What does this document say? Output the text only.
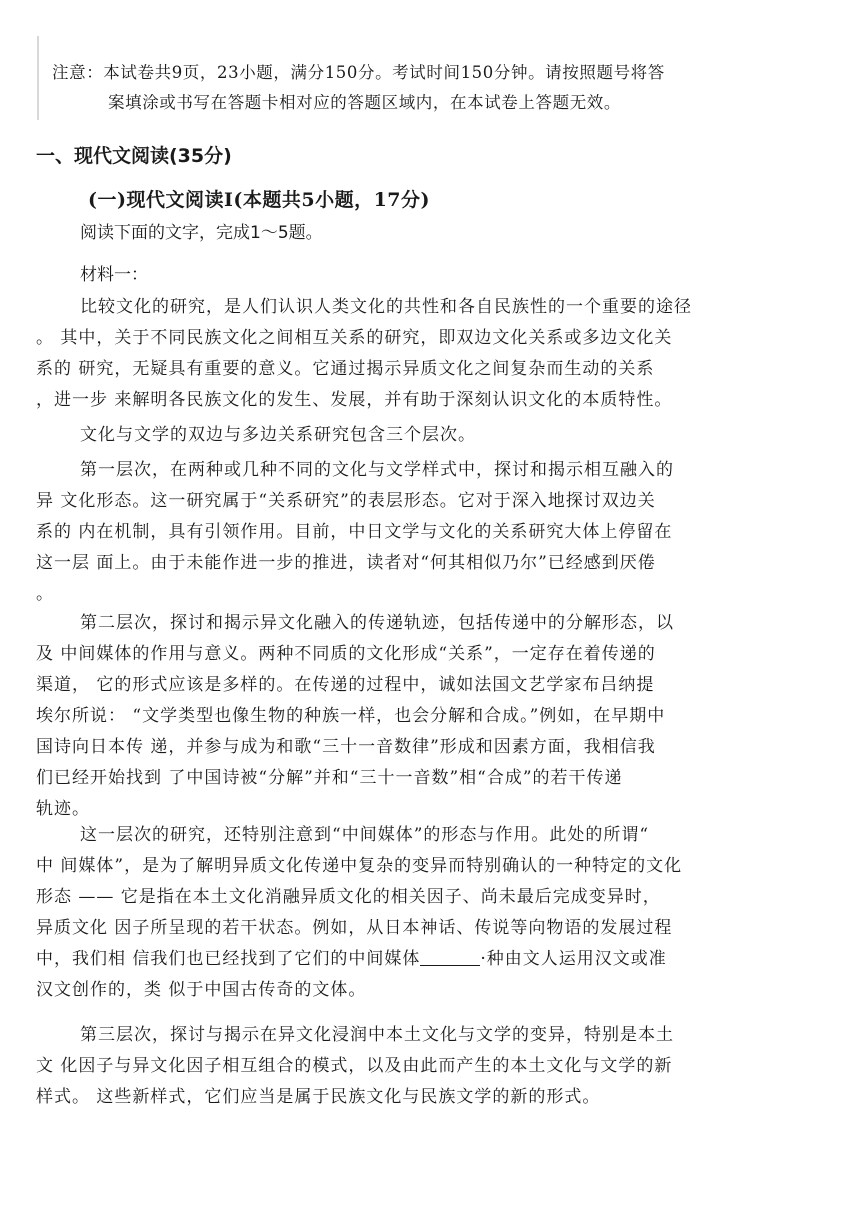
注意：本试卷共9页，23小题，满分150分。考试时间150分钟。请按照题号将答

案填涂或书写在答题卡相对应的答题区域内，在本试卷上答题无效。

一、现代文阅读(35分)
(一)现代文阅读Ⅰ(本题共5小题，17分)

阅读下面的文字，完成1～5题。

材料一：

比较文化的研究，是人们认识人类文化的共性和各自民族性的一个重要的途径
。 其中，关于不同民族文化之间相互关系的研究，即双边文化关系或多边文化关
系的 研究，无疑具有重要的意义。它通过揭示异质文化之间复杂而生动的关系
，进一步 来解明各民族文化的发生、发展，并有助于深刻认识文化的本质特性。
文化与文学的双边与多边关系研究包含三个层次。
第一层次，在两种或几种不同的文化与文学样式中，探讨和揭示相互融入的
异 文化形态。这一研究属于“关系研究”的表层形态。它对于深入地探讨双边关
系的 内在机制，具有引领作用。目前，中日文学与文化的关系研究大体上停留在
这一层 面上。由于未能作进一步的推进，读者对“何其相似乃尔”已经感到厌倦
。
第二层次，探讨和揭示异文化融入的传递轨迹，包括传递中的分解形态，以
及 中间媒体的作用与意义。两种不同质的文化形成“关系”，一定存在着传递的
渠道， 它的形式应该是多样的。在传递的过程中，诚如法国文艺学家布吕纳提
埃尔所说： “文学类型也像生物的种族一样，也会分解和合成。”例如，在早期中
国诗向日本传 递，并参与成为和歌“三十一音数律”形成和因素方面，我相信我
们已经开始找到 了中国诗被“分解”并和“三十一音数”相“合成”的若干传递
轨迹。
这一层次的研究，还特别注意到“中间媒体”的形态与作用。此处的所谓“
中 间媒体”，是为了解明异质文化传递中复杂的变异而特别确认的一种特定的文化
形态 —— 它是指在本土文化消融异质文化的相关因子、尚未最后完成变异时，
异质文化 因子所呈现的若干状态。例如，从日本神话、传说等向物语的发展过程
中，我们相 信我们也已经找到了它们的中间媒体	·种由文人运用汉文或准
汉文创作的，类 似于中国古传奇的文体。
第三层次，探讨与揭示在异文化浸润中本土文化与文学的变异，特别是本土
文 化因子与异文化因子相互组合的模式，以及由此而产生的本土文化与文学的新
样式。 这些新样式，它们应当是属于民族文化与民族文学的新的形式。
